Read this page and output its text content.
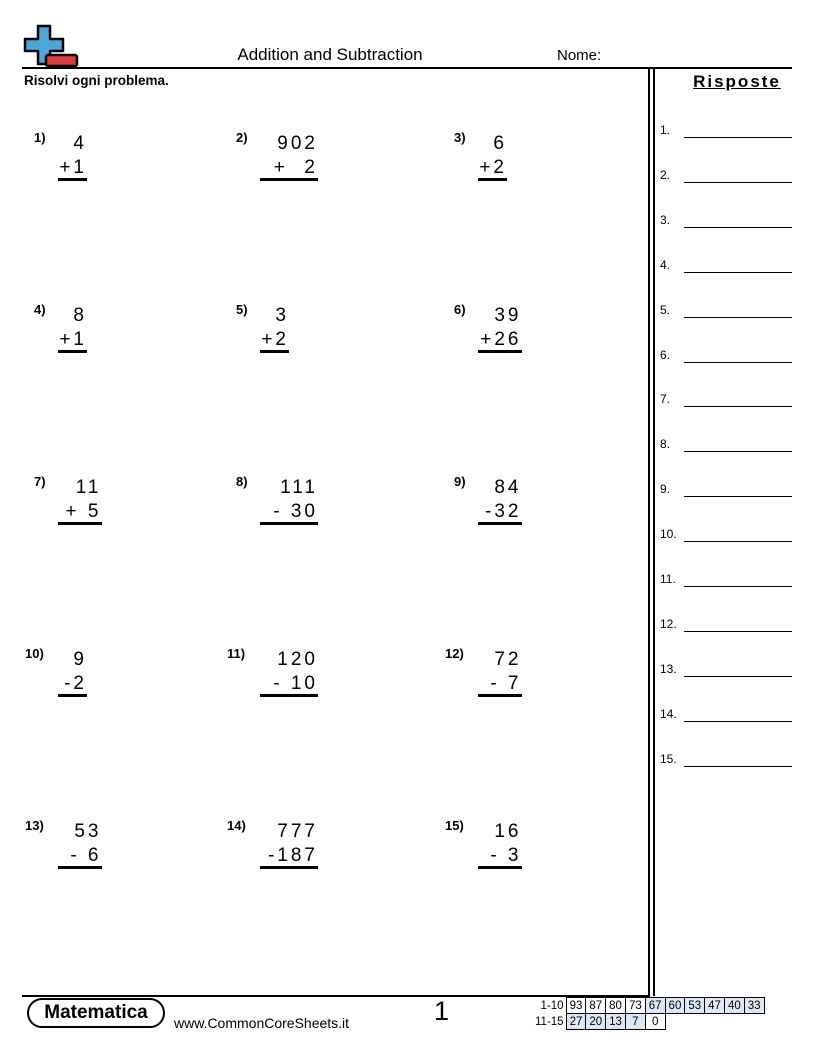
Addition and Subtraction	Nome:
Risolvi ogni problema.	Risposte
1.
2.
3.
4.
5.
6.
7.
8.
9.
10.
11.
12.
13.
14.
15.
1) 4
+1
2) 902
+  2
3) 6
+2
4) 8
+1
5) 3
+2
6) 39
+26
7) 11
+ 5
8) 111
- 30
9) 84
-32
10) 9
-2
11) 120
- 10
12) 72
- 7
13) 53
- 6
14) 777
-187
15) 16
- 3
Matematica	www.CommonCoreSheets.it	1	1-10	93	87	80	73	67	60	53	47	40	33
11-15	27	20	13	7	0					
